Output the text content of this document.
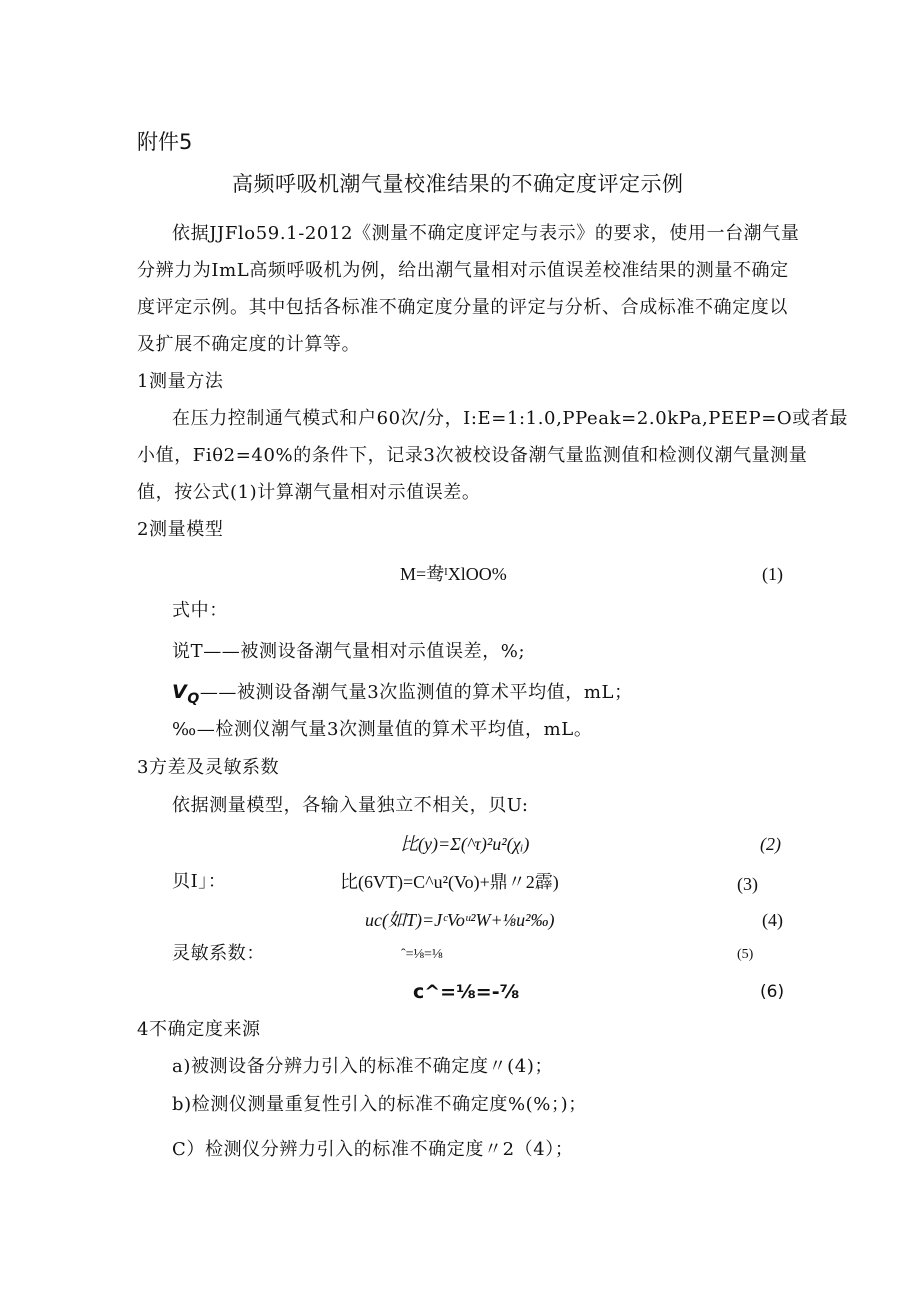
附件5
高频呼吸机潮气量校准结果的不确定度评定示例
依据JJFlo59.1-2012《测量不确定度评定与表示》的要求，使用一台潮气量
分辨力为ImL高频呼吸机为例，给出潮气量相对示值误差校准结果的测量不确定
度评定示例。其中包括各标准不确定度分量的评定与分析、合成标准不确定度以
及扩展不确定度的计算等。
1测量方法
在压力控制通气模式和户60次/分，I:E=1:1.0,PPeak=2.0kPa,PEEP=O或者最
小值，Fiθ2=40%的条件下，记录3次被校设备潮气量监测值和检测仪潮气量测量
值，按公式(1)计算潮气量相对示值误差。
2测量模型
M=鸯ᴵXlOO%	(1)
式中：
说T——被测设备潮气量相对示值误差，%;
$V_Q——$被测设备潮气量3次监测值的算术平均值，mL；
‰—检测仪潮气量3次测量值的算术平均值，mL。
3方差及灵敏系数
依据测量模型，各输入量独立不相关，贝U:
比(y)=Σ(^τ)²u²(χᵢ)	(2)
贝I」：	比(6VT)=C^u²(Vo)+鼎〃2霹)	(3)
uc(如T)=JᶜVoᵘ²W+⅛u²‰)	(4)
灵敏系数：	ˆ=⅛=⅛	(5)
c^=⅛=-⅞	(6)
4不确定度来源
a)被测设备分辨力引入的标准不确定度〃(4)；
b)检测仪测量重复性引入的标准不确定度%(%；)；
C）检测仪分辨力引入的标准不确定度〃2（4）；
